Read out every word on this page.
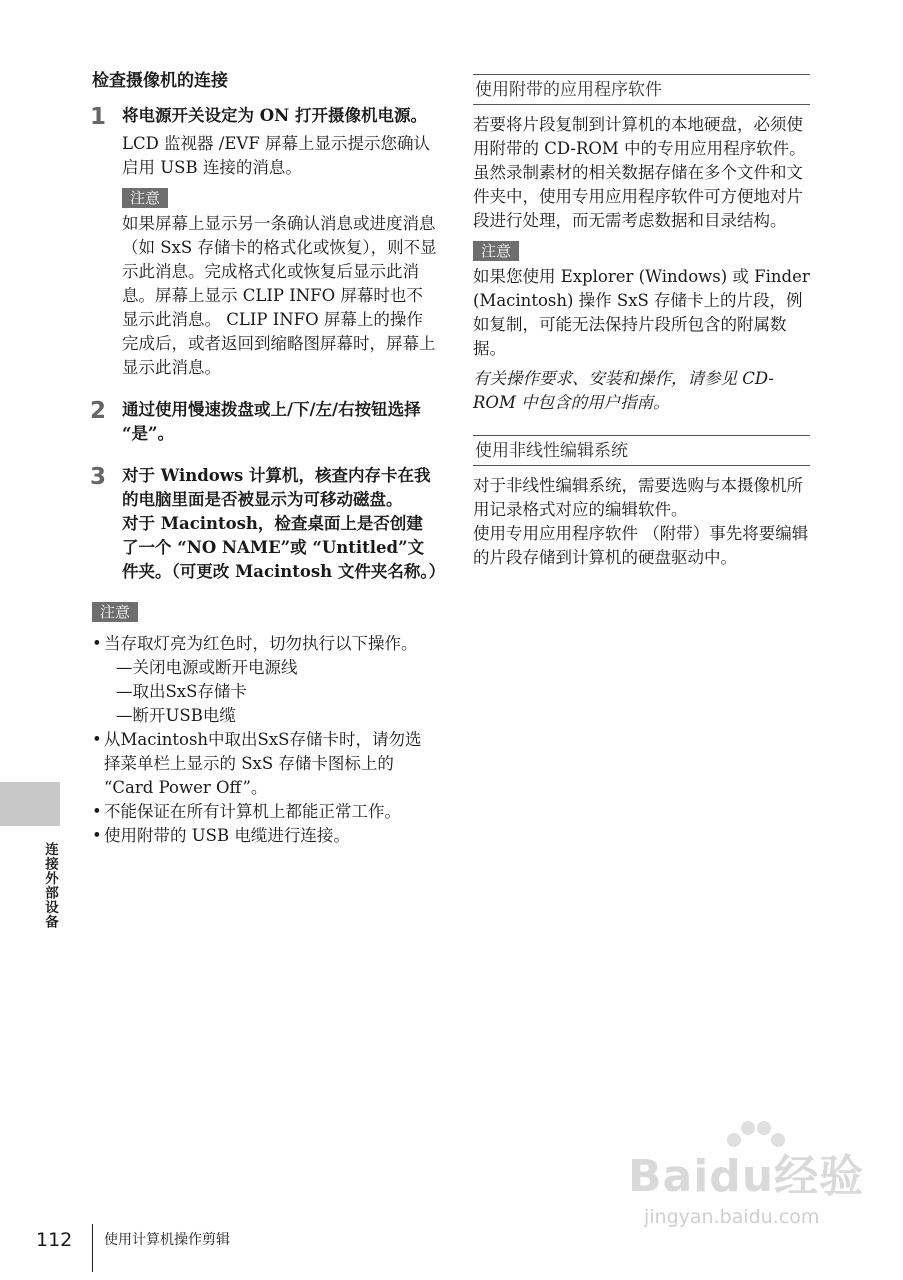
连接外部设备
检查摄像机的连接
1 将电源开关设定为 ON 打开摄像机电源。
LCD 监视器 /EVF 屏幕上显示提示您确认启用 USB 连接的消息。
注意
如果屏幕上显示另一条确认消息或进度消息 （如 SxS 存储卡的格式化或恢复），则不显示此消息。完成格式化或恢复后显示此消息。屏幕上显示 CLIP INFO 屏幕时也不显示此消息。 CLIP INFO 屏幕上的操作完成后，或者返回到缩略图屏幕时，屏幕上显示此消息。
2 通过使用慢速拨盘或上/下/左/右按钮选择 “是”。
3 对于 Windows 计算机，核查内存卡在我的电脑里面是否被显示为可移动磁盘。
对于 Macintosh，检查桌面上是否创建了一个 “NO NAME”或 “Untitled”文件夹。（可更改 Macintosh 文件夹名称。）
注意
• 当存取灯亮为红色时，切勿执行以下操作。
—关闭电源或断开电源线
—取出SxS存储卡
—断开USB电缆
• 从Macintosh中取出SxS存储卡时，请勿选择菜单栏上显示的 SxS 存储卡图标上的 “Card Power Off”。
• 不能保证在所有计算机上都能正常工作。
• 使用附带的 USB 电缆进行连接。
使用附带的应用程序软件

若要将片段复制到计算机的本地硬盘，必须使用附带的 CD-ROM 中的专用应用程序软件。

虽然录制素材的相关数据存储在多个文件和文件夹中，使用专用应用程序软件可方便地对片段进行处理，而无需考虑数据和目录结构。

注意

如果您使用 Explorer (Windows) 或 Finder (Macintosh) 操作 SxS 存储卡上的片段，例如复制，可能无法保持片段所包含的附属数据。

有关操作要求、安装和操作，请参见 CD-ROM 中包含的用户指南。

使用非线性编辑系统

对于非线性编辑系统，需要选购与本摄像机所用记录格式对应的编辑软件。

使用专用应用程序软件 （附带）事先将要编辑的片段存储到计算机的硬盘驱动中。

Baidu经验
jingyan.baidu.com
112 使用计算机操作剪辑
